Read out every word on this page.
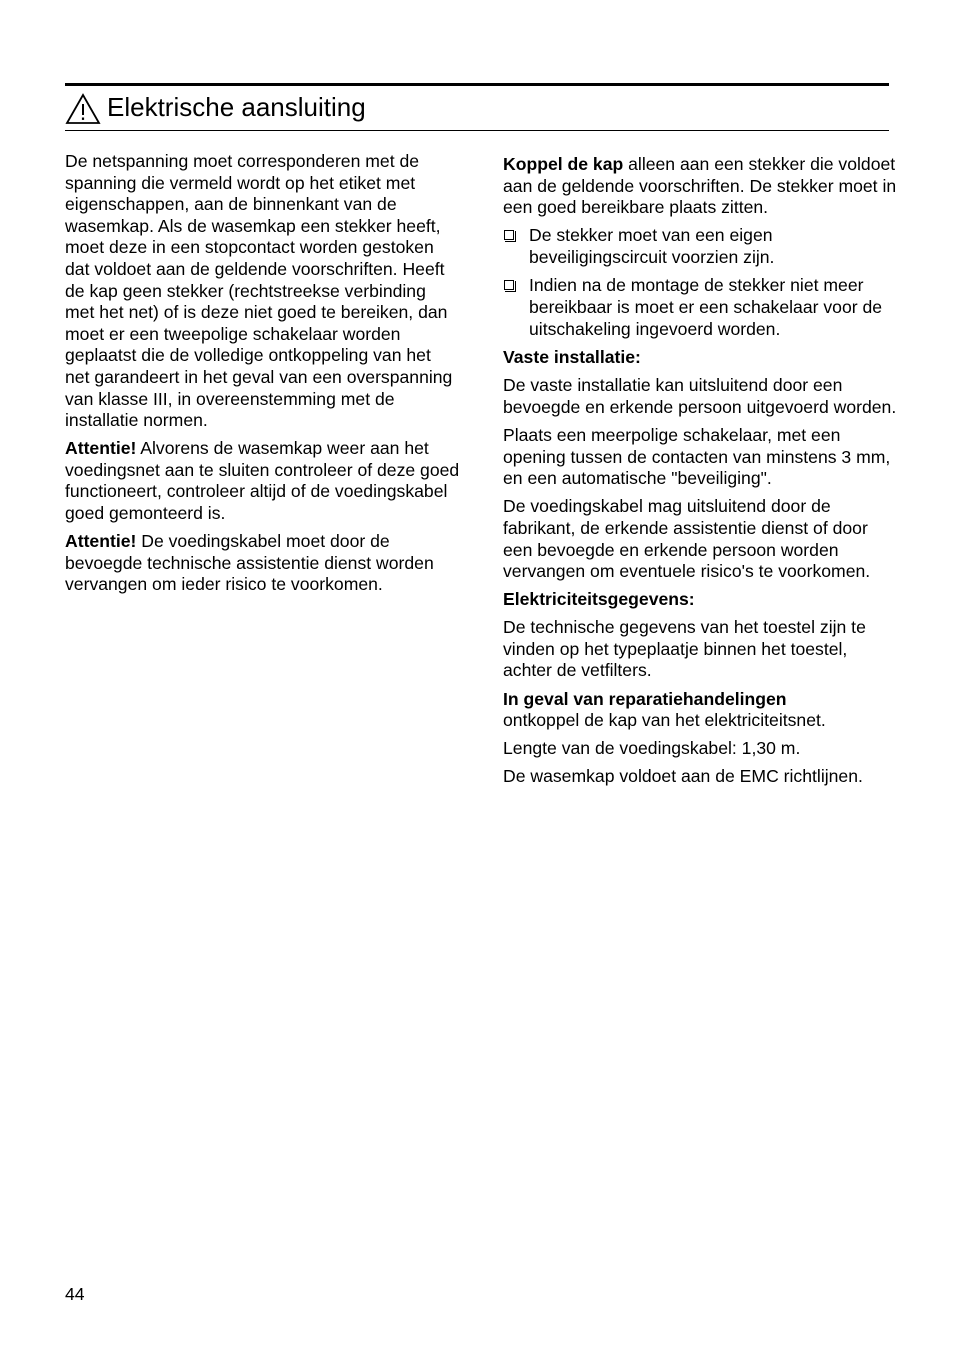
Elektrische aansluiting

De netspanning moet corresponderen met de spanning die vermeld wordt op het etiket met eigenschappen, aan de binnenkant van de wasemkap. Als de wasemkap een stekker heeft, moet deze in een stopcontact worden gestoken dat voldoet aan de geldende voorschriften. Heeft de kap geen stekker (rechtstreekse verbinding met het net) of is deze niet goed te bereiken, dan moet er een tweepolige schakelaar worden geplaatst die de volledige ontkoppeling van het net garandeert in het geval van een overspanning van klasse III, in overeenstemming met de installatie normen.

Attentie! Alvorens de wasemkap weer aan het voedingsnet aan te sluiten controleer of deze goed functioneert, controleer altijd of de voedingskabel goed gemonteerd is.

Attentie! De voedingskabel moet door de bevoegde technische assistentie dienst worden vervangen om ieder risico te voorkomen.

Koppel de kap alleen aan een stekker die voldoet aan de geldende voorschriften. De stekker moet in een goed bereikbare plaats zitten.

De stekker moet van een eigen beveiligingscircuit voorzien zijn.
Indien na de montage de stekker niet meer bereikbaar is moet er een schakelaar voor de uitschakeling ingevoerd worden.
Vaste installatie:

De vaste installatie kan uitsluitend door een bevoegde en erkende persoon uitgevoerd worden.

Plaats een meerpolige schakelaar, met een opening tussen de contacten van minstens 3 mm, en een automatische "beveiliging".

De voedingskabel mag uitsluitend door de fabrikant, de erkende assistentie dienst of door een bevoegde en erkende persoon worden vervangen om eventuele risico's te voorkomen.

Elektriciteitsgegevens:

De technische gegevens van het toestel zijn te vinden op het typeplaatje binnen het toestel, achter de vetfilters.

In geval van reparatiehandelingen
ontkoppel de kap van het elektriciteitsnet.

Lengte van de voedingskabel: 1,30 m.

De wasemkap voldoet aan de EMC richtlijnen.

44
